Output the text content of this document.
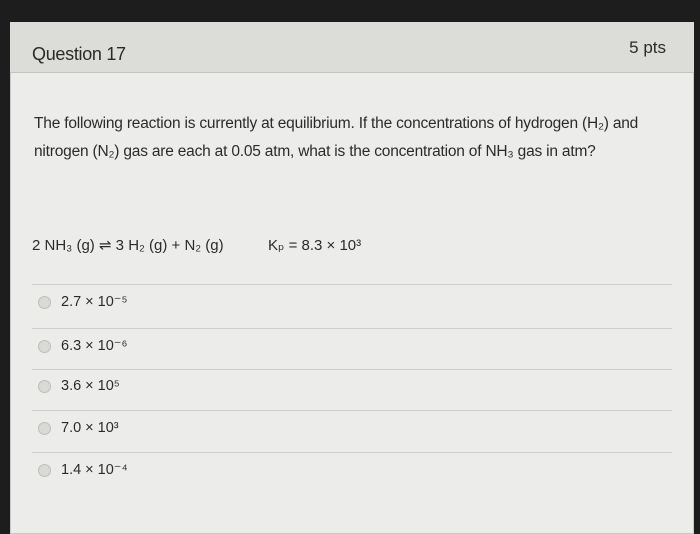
Question 17	5 pts
The following reaction is currently at equilibrium. If the concentrations of hydrogen (H₂) and nitrogen (N₂) gas are each at 0.05 atm, what is the concentration of NH₃ gas in atm?
2 NH₃ (g) ⇌ 3 H₂ (g) + N₂ (g)	Kₚ = 8.3 × 10³
2.7 × 10⁻⁵
6.3 × 10⁻⁶
3.6 × 10⁵
7.0 × 10³
1.4 × 10⁻⁴
